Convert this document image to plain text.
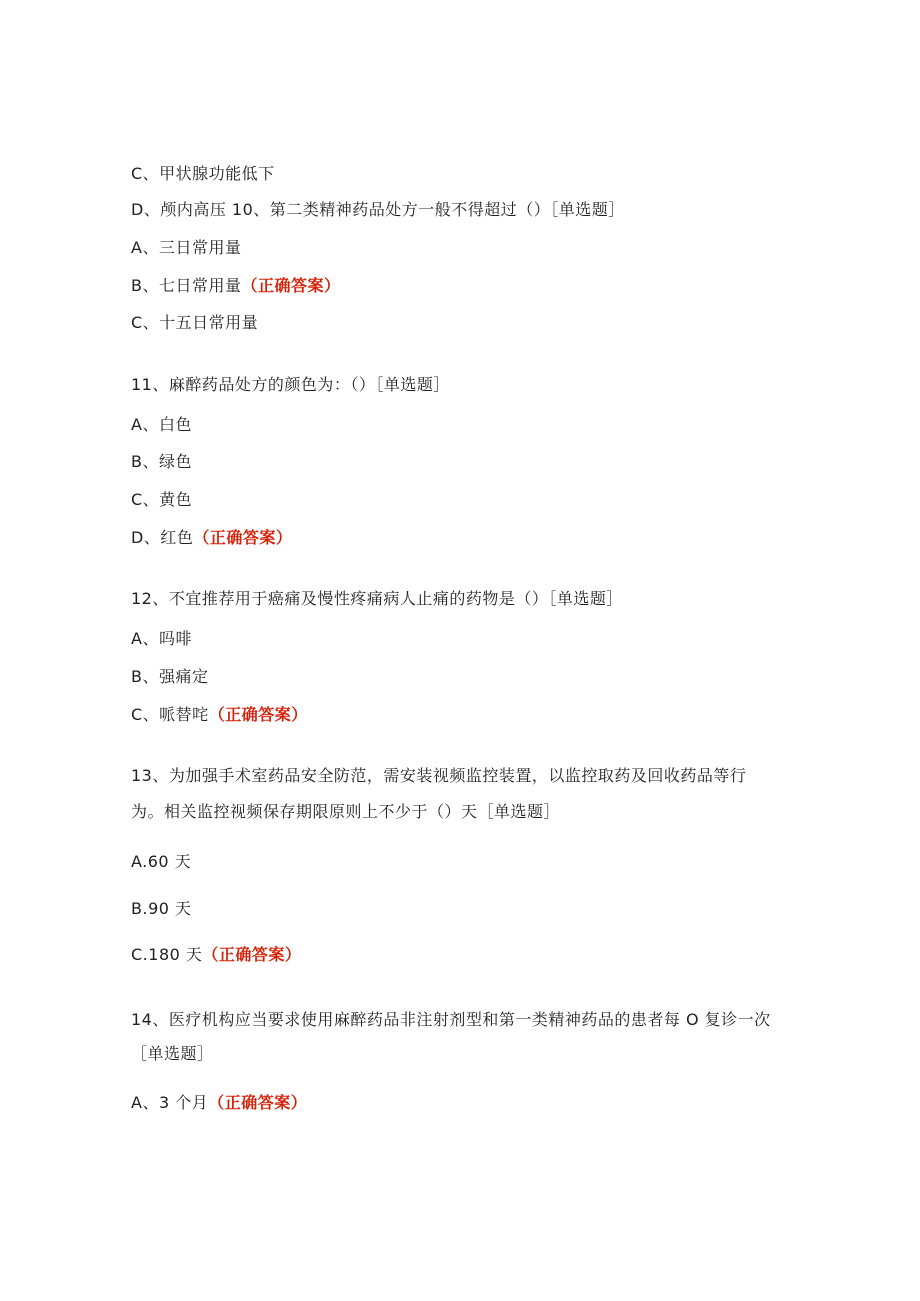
C、甲状腺功能低下
D、颅内高压 10、第二类精神药品处方一般不得超过（）［单选题］
A、三日常用量
B、七日常用量（正确答案）
C、十五日常用量
11、麻醉药品处方的颜色为：（）［单选题］
A、白色
B、绿色
C、黄色
D、红色（正确答案）
12、不宜推荐用于癌痛及慢性疼痛病人止痛的药物是（）［单选题］
A、吗啡
B、强痛定
C、哌替咤（正确答案）
13、为加强手术室药品安全防范，需安装视频监控装置，以监控取药及回收药品等行
为。相关监控视频保存期限原则上不少于（）天［单选题］
A.60 天
B.90 天
C.180 天（正确答案）
14、医疗机构应当要求使用麻醉药品非注射剂型和第一类精神药品的患者每 O 复诊一次
［单选题］
A、3 个月（正确答案）
